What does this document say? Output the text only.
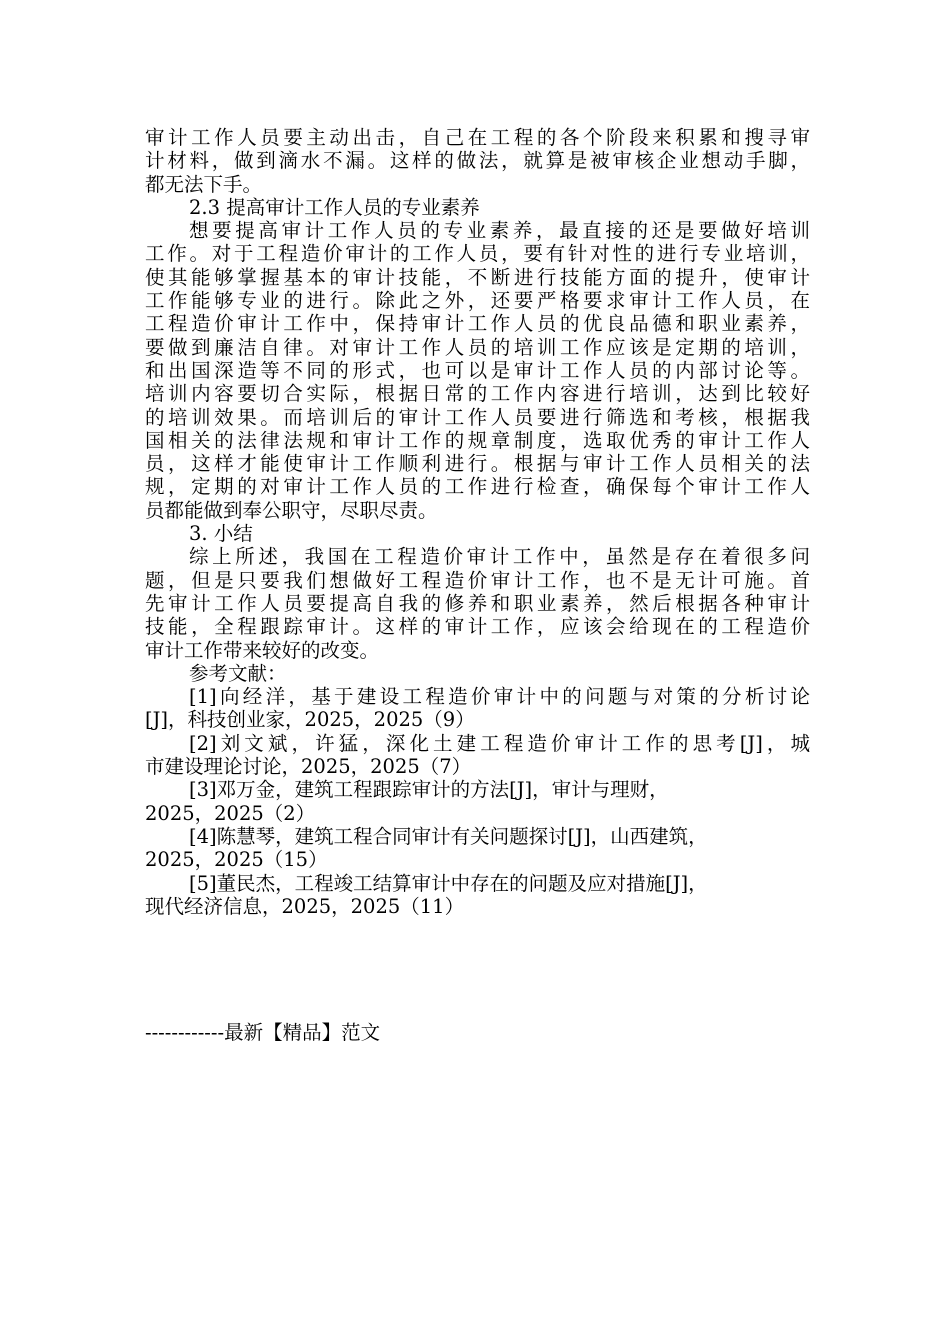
审计工作人员要主动出击，自己在工程的各个阶段来积累和搜寻审

计材料，做到滴水不漏。这样的做法，就算是被审核企业想动手脚，

都无法下手。

2.3 提高审计工作人员的专业素养

想要提高审计工作人员的专业素养，最直接的还是要做好培训

工作。对于工程造价审计的工作人员，要有针对性的进行专业培训，

使其能够掌握基本的审计技能，不断进行技能方面的提升，使审计

工作能够专业的进行。除此之外，还要严格要求审计工作人员，在

工程造价审计工作中，保持审计工作人员的优良品德和职业素养，

要做到廉洁自律。对审计工作人员的培训工作应该是定期的培训，

和出国深造等不同的形式，也可以是审计工作人员的内部讨论等。

培训内容要切合实际，根据日常的工作内容进行培训，达到比较好

的培训效果。而培训后的审计工作人员要进行筛选和考核，根据我

国相关的法律法规和审计工作的规章制度，选取优秀的审计工作人

员，这样才能使审计工作顺利进行。根据与审计工作人员相关的法

规，定期的对审计工作人员的工作进行检查，确保每个审计工作人

员都能做到奉公职守，尽职尽责。

3. 小结

综上所述，我国在工程造价审计工作中，虽然是存在着很多问

题，但是只要我们想做好工程造价审计工作，也不是无计可施。首

先审计工作人员要提高自我的修养和职业素养，然后根据各种审计

技能，全程跟踪审计。这样的审计工作，应该会给现在的工程造价

审计工作带来较好的改变。

参考文献：

[1]向经洋，基于建设工程造价审计中的问题与对策的分析讨论

[J]，科技创业家，2025，2025（9）

[2]刘文斌，许猛，深化土建工程造价审计工作的思考[J]，城

市建设理论讨论，2025，2025（7）

[3]邓万金，建筑工程跟踪审计的方法[J]，审计与理财，

2025，2025（2）

[4]陈慧琴，建筑工程合同审计有关问题探讨[J]，山西建筑，

2025，2025（15）

[5]董民杰，工程竣工结算审计中存在的问题及应对措施[J]，

现代经济信息，2025，2025（11）

------------最新【精品】范文
